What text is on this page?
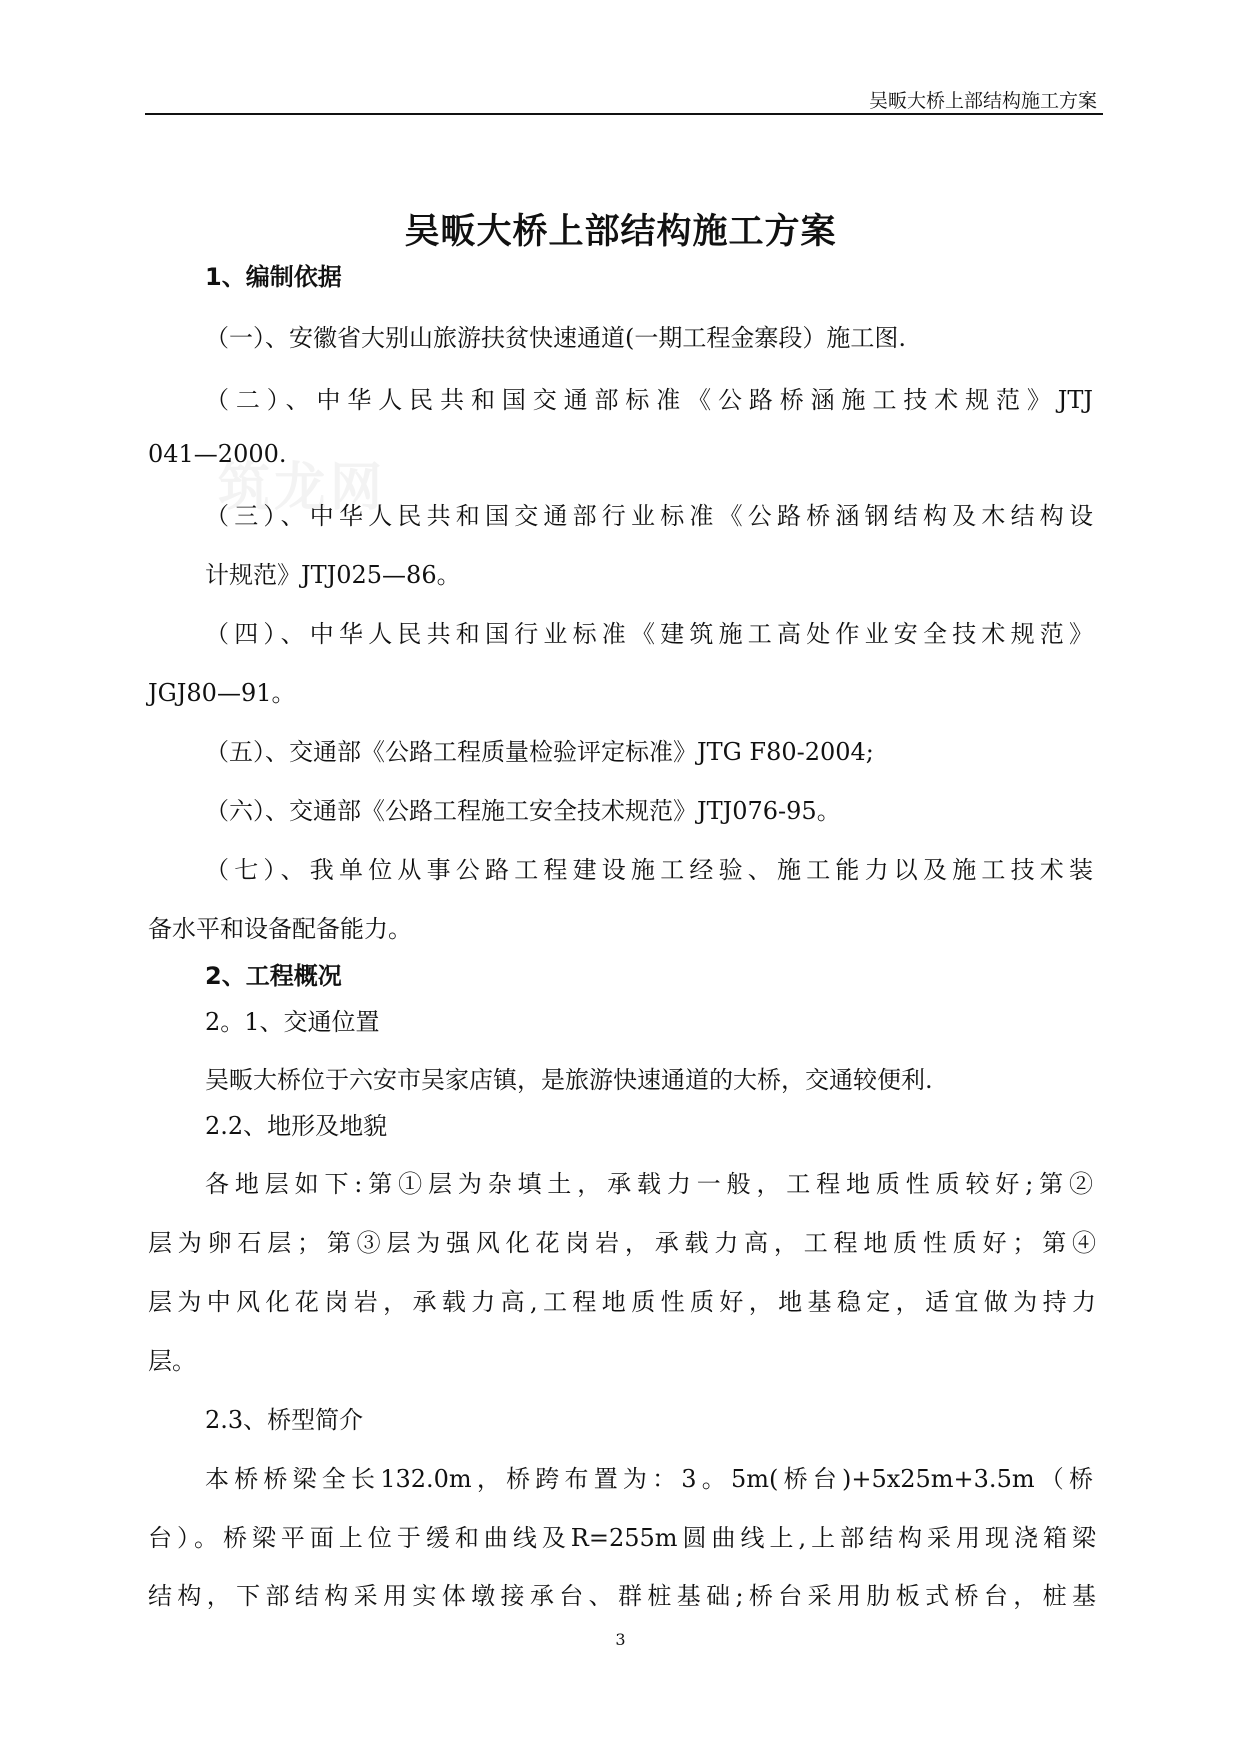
吴畈大桥上部结构施工方案
筑龙网
吴畈大桥上部结构施工方案
1、编制依据
（一）、安徽省大别山旅游扶贫快速通道(一期工程金寨段）施工图.
（二）、中华人民共和国交通部标准《公路桥涵施工技术规范》JTJ
041—2000.
（三）、中华人民共和国交通部行业标准《公路桥涵钢结构及木结构设
计规范》JTJ025—86。
（四）、中华人民共和国行业标准《建筑施工高处作业安全技术规范》
JGJ80—91。
（五）、交通部《公路工程质量检验评定标准》JTG F80-2004;
（六）、交通部《公路工程施工安全技术规范》JTJ076-95。
（七）、我单位从事公路工程建设施工经验、施工能力以及施工技术装
备水平和设备配备能力。
2、工程概况
2。1、交通位置
吴畈大桥位于六安市吴家店镇，是旅游快速通道的大桥，交通较便利.
2.2、地形及地貌
各地层如下:第①层为杂填土，承载力一般，工程地质性质较好;第②
层为卵石层；第③层为强风化花岗岩，承载力高，工程地质性质好；第④
层为中风化花岗岩，承载力高,工程地质性质好，地基稳定，适宜做为持力
层。
2.3、桥型简介
本桥桥梁全长132.0m，桥跨布置为：3。5m(桥台)+5x25m+3.5m（桥
台）。桥梁平面上位于缓和曲线及R=255m圆曲线上,上部结构采用现浇箱梁
结构，下部结构采用实体墩接承台、群桩基础;桥台采用肋板式桥台，桩基
3
